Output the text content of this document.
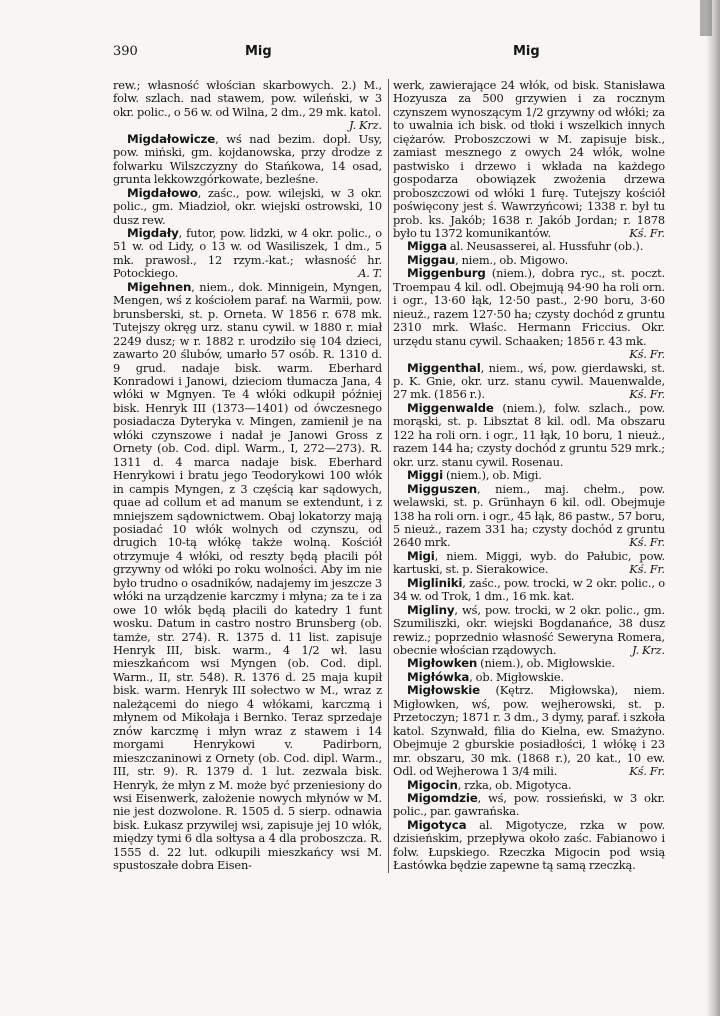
390	Mig	Mig

rew.; własność włościan skarbowych. 2.) M., folw. szlach. nad stawem, pow. wileński, w 3 okr. polic., o 56 w. od Wilna, 2 dm., 29 mk. katol.
J. Krz.

Migdałowicze, wś nad bezim. dopł. Usy, pow. miński, gm. kojdanowska, przy drodze z folwarku Wilszczyzny do Stańkowa, 14 osad, grunta lekkowzgórkowate, bezleśne.

Migdałowo, zaśc., pow. wilejski, w 3 okr. polic., gm. Miadzioł, okr. wiejski ostrowski, 10 dusz rew.

Migdały, futor, pow. lidzki, w 4 okr. polic., o 51 w. od Lidy, o 13 w. od Wasiliszek, 1 dm., 5 mk. prawosł., 12 rzym.-kat.; własność hr. Potockiego.	A. T.

Migehnen, niem., dok. Minnigein, Myngen, Mengen, wś z kościołem paraf. na Warmii, pow. brunsberski, st. p. Orneta. W 1856 r. 678 mk. Tutejszy okręg urz. stanu cywil. w 1880 r. miał 2249 dusz; w r. 1882 r. urodziło się 104 dzieci, zawarto 20 ślubów, umarło 57 osób. R. 1310 d. 9 grud. nadaje bisk. warm. Eberhard Konradowi i Janowi, dzieciom tłumacza Jana, 4 włóki w Mgnyen. Te 4 włóki odkupił później bisk. Henryk III (1373—1401) od ówczesnego posiadacza Dyteryka v. Mingen, zamienił je na włóki czynszowe i nadał je Janowi Gross z Ornety (ob. Cod. dipl. Warm., I, 272—273). R. 1311 d. 4 marca nadaje bisk. Eberhard Henrykowi i bratu jego Teodorykowi 100 włók in campis Myngen, z 3 częścią kar sądowych, quae ad collum et ad manum se extendunt, i z mniejszem sądownictwem. Obaj lokatorzy mają posiadać 10 włók wolnych od czynszu, od drugich 10-tą włókę także wolną. Kościół otrzymuje 4 włóki, od reszty będą płacili pół grzywny od włóki po roku wolności. Aby im nie było trudno o osadników, nadajemy im jeszcze 3 włóki na urządzenie karczmy i młyna; za te i za owe 10 włók będą płacili do katedry 1 funt wosku. Datum in castro nostro Brunsberg (ob. tamże, str. 274). R. 1375 d. 11 list. zapisuje Henryk III, bisk. warm., 4 1/2 wł. lasu mieszkańcom wsi Myngen (ob. Cod. dipl. Warm., II, str. 548). R. 1376 d. 25 maja kupił bisk. warm. Henryk III sołectwo w M., wraz z należącemi do niego 4 włókami, karczmą i młynem od Mikołaja i Bernko. Teraz sprzedaje znów karczmę i młyn wraz z stawem i 14 morgami Henrykowi v. Padirborn, mieszczaninowi z Ornety (ob. Cod. dipl. Warm., III, str. 9). R. 1379 d. 1 lut. zezwala bisk. Henryk, że młyn z M. może być przeniesiony do wsi Eisenwerk, założenie nowych młynów w M. nie jest dozwolone. R. 1505 d. 5 sierp. odnawia bisk. Łukasz przywilej wsi, zapisuje jej 10 włók, między tymi 6 dla sołtysa a 4 dla proboszcza. R. 1555 d. 22 lut. odkupili mieszkańcy wsi M. spustoszałe dobra Eisen-

werk, zawierające 24 włók, od bisk. Stanisława Hozyusza za 500 grzywien i za rocznym czynszem wynoszącym 1/2 grzywny od włóki; za to uwalnia ich bisk. od tłoki i wszelkich innych ciężarów. Proboszczowi w M. zapisuje bisk., zamiast mesznego z owych 24 włók, wolne pastwisko i drzewo i wkłada na każdego gospodarza obowiązek zwożenia drzewa proboszczowi od włóki 1 furę. Tutejszy kościół poświęcony jest ś. Wawrzyńcowi; 1338 r. był tu prob. ks. Jakób; 1638 r. Jakób Jordan; r. 1878 było tu 1372 komunikantów.	Kś. Fr.

Migga al. Neusasserei, al. Hussfuhr (ob.).

Miggau, niem., ob. Migowo.

Miggenburg (niem.), dobra ryc., st. poczt. Troempau 4 kil. odl. Obejmują 94·90 ha roli orn. i ogr., 13·60 łąk, 12·50 past., 2·90 boru, 3·60 nieuż., razem 127·50 ha; czysty dochód z gruntu 2310 mrk. Właśc. Hermann Friccius. Okr. urzędu stanu cywil. Schaaken; 1856 r. 43 mk.
Kś. Fr.

Miggenthal, niem., wś, pow. gierdawski, st. p. K. Gnie, okr. urz. stanu cywil. Mauenwalde, 27 mk. (1856 r.).	Kś. Fr.

Miggenwalde (niem.), folw. szlach., pow. morąski, st. p. Libsztat 8 kil. odl. Ma obszaru 122 ha roli orn. i ogr., 11 łąk, 10 boru, 1 nieuż., razem 144 ha; czysty dochód z gruntu 529 mrk.; okr. urz. stanu cywil. Rosenau.

Miggi (niem.), ob. Migi.

Migguszen, niem., maj. chełm., pow. welawski, st. p. Grünhayn 6 kil. odl. Obejmuje 138 ha roli orn. i ogr., 45 łąk, 86 pastw., 57 boru, 5 nieuż., razem 331 ha; czysty dochód z gruntu 2640 mrk.	Kś. Fr.

Migi, niem. Miggi, wyb. do Pałubic, pow. kartuski, st. p. Sierakowice.	Kś. Fr.

Migliniki, zaśc., pow. trocki, w 2 okr. polic., o 34 w. od Trok, 1 dm., 16 mk. kat.

Migliny, wś, pow. trocki, w 2 okr. polic., gm. Szumiliszki, okr. wiejski Bogdanańce, 38 dusz rewiz.; poprzednio własność Seweryna Romera, obecnie włościan rządowych.	J. Krz.

Migłowken (niem.), ob. Migłowskie.

Migłówka, ob. Migłowskie.

Migłowskie (Kętrz. Migłowska), niem. Migłowken, wś, pow. wejherowski, st. p. Przetoczyn; 1871 r. 3 dm., 3 dymy, paraf. i szkoła katol. Szynwałd, filia do Kielna, ew. Smażyno. Obejmuje 2 gburskie posiadłości, 1 włókę i 23 mr. obszaru, 30 mk. (1868 r.), 20 kat., 10 ew. Odl. od Wejherowa 1 3/4 mili.	Kś. Fr.

Migocin, rzka, ob. Migotyca.

Migomdzie, wś, pow. rossieński, w 3 okr. polic., par. gawrańska.

Migotyca al. Migotycze, rzka w pow. dzisieńskim, przepływa około zaśc. Fabianowo i folw. Łupskiego. Rzeczka Migocin pod wsią Łastówka będzie zapewne tą samą rzeczką.
